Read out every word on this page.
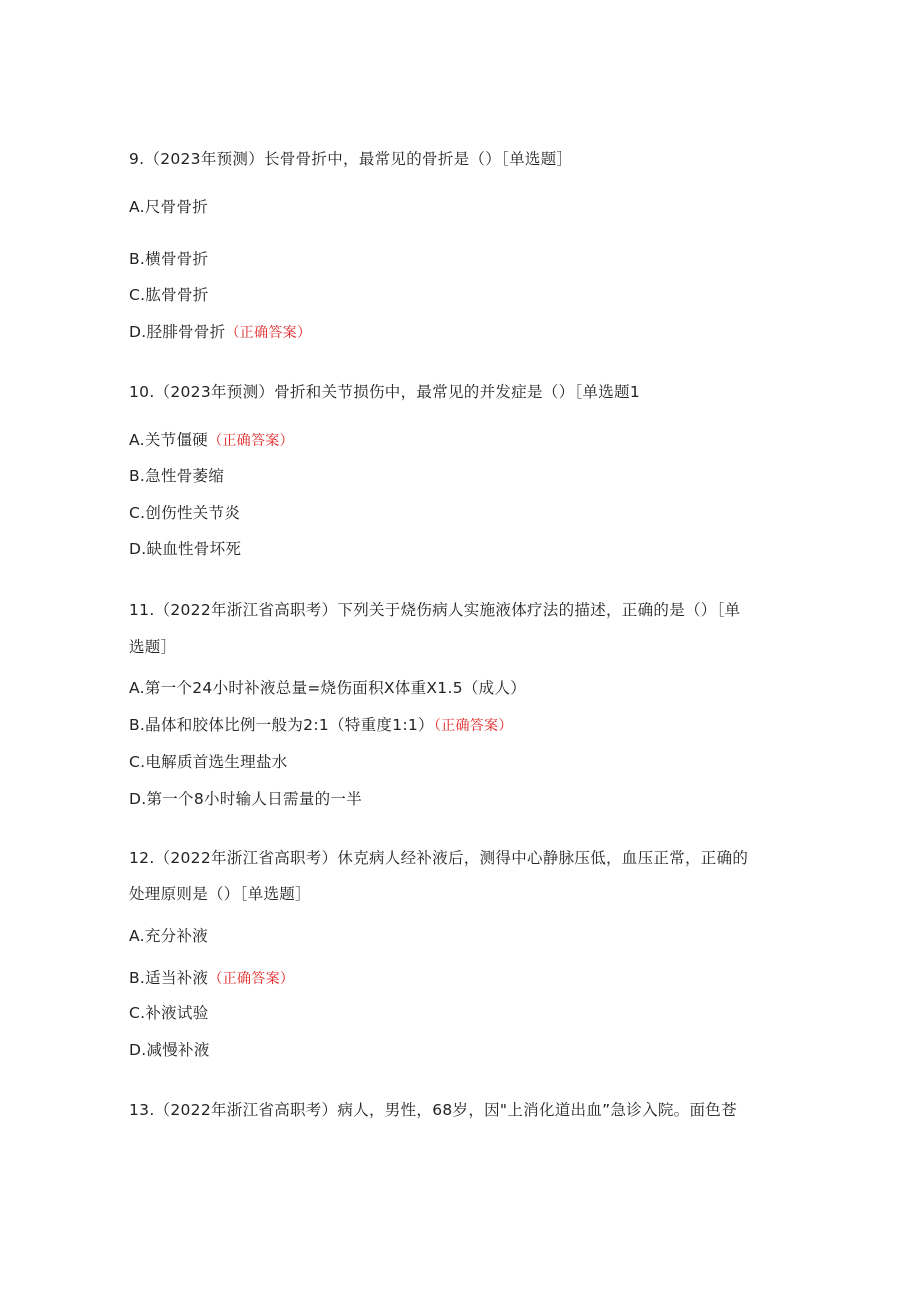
9.（2023年预测）长骨骨折中，最常见的骨折是（）［单选题］
A.尺骨骨折
B.横骨骨折
C.肱骨骨折
D.胫腓骨骨折（正确答案）
10.（2023年预测）骨折和关节损伤中，最常见的并发症是（）［单选题1
A.关节僵硬（正确答案）
B.急性骨萎缩
C.创伤性关节炎
D.缺血性骨坏死
11.（2022年浙江省高职考）下列关于烧伤病人实施液体疗法的描述，正确的是（）［单
选题］
A.第一个24小时补液总量=烧伤面积X体重X1.5（成人）
B.晶体和胶体比例一般为2:1（特重度1:1）（正确答案）
C.电解质首选生理盐水
D.第一个8小时输人日需量的一半
12.（2022年浙江省高职考）休克病人经补液后，测得中心静脉压低，血压正常，正确的
处理原则是（）［单选题］
A.充分补液
B.适当补液（正确答案）
C.补液试验
D.减慢补液
13.（2022年浙江省高职考）病人，男性，68岁，因"上消化道出血”急诊入院。面色苍
